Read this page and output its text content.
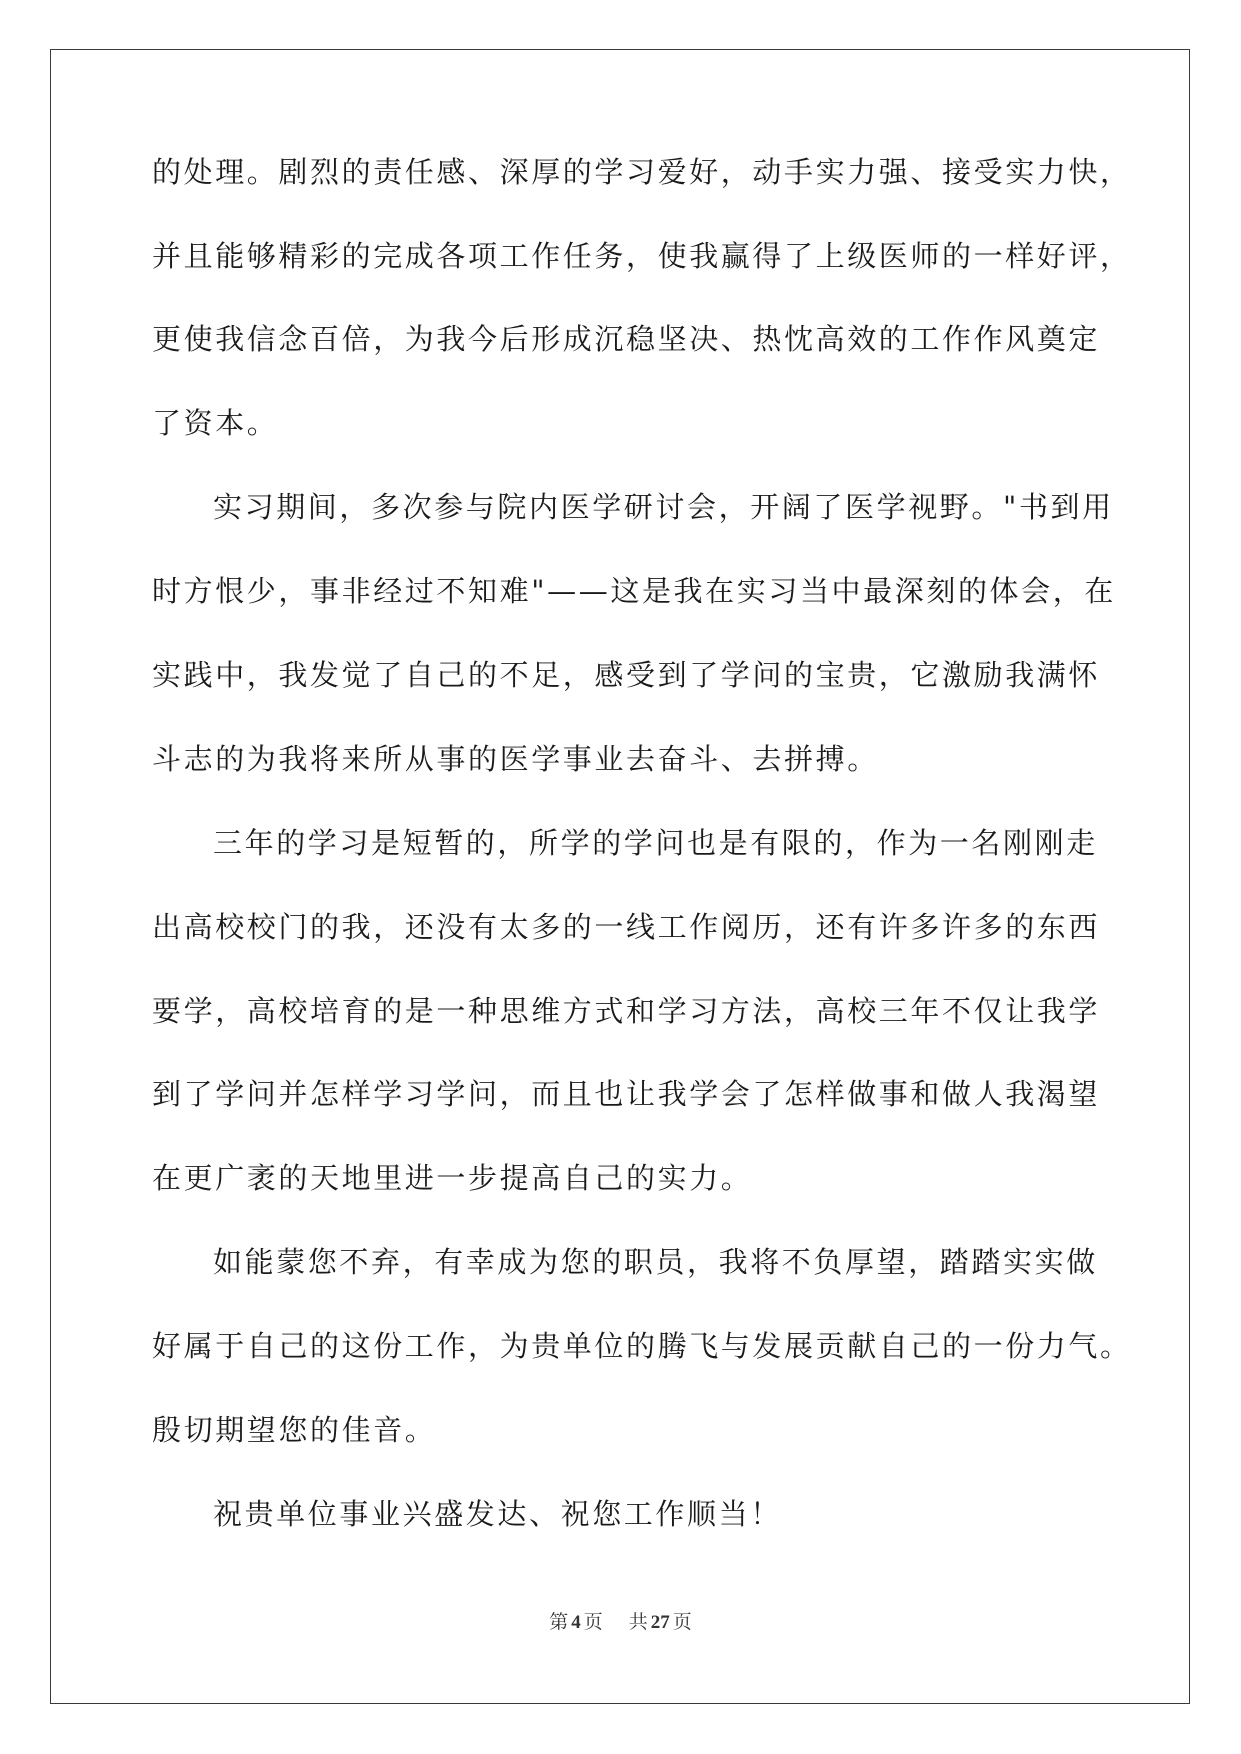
的处理。剧烈的责任感、深厚的学习爱好，动手实力强、接受实力快，
并且能够精彩的完成各项工作任务，使我赢得了上级医师的一样好评，
更使我信念百倍，为我今后形成沉稳坚决、热忱高效的工作作风奠定
了资本。
实习期间，多次参与院内医学研讨会，开阔了医学视野。"书到用
时方恨少，事非经过不知难"——这是我在实习当中最深刻的体会，在
实践中，我发觉了自己的不足，感受到了学问的宝贵，它激励我满怀
斗志的为我将来所从事的医学事业去奋斗、去拼搏。
三年的学习是短暂的，所学的学问也是有限的，作为一名刚刚走
出高校校门的我，还没有太多的一线工作阅历，还有许多许多的东西
要学，高校培育的是一种思维方式和学习方法，高校三年不仅让我学
到了学问并怎样学习学问，而且也让我学会了怎样做事和做人我渴望
在更广袤的天地里进一步提高自己的实力。
如能蒙您不弃，有幸成为您的职员，我将不负厚望，踏踏实实做
好属于自己的这份工作，为贵单位的腾飞与发展贡献自己的一份力气。
殷切期望您的佳音。
祝贵单位事业兴盛发达、祝您工作顺当！
第 4 页 共 27 页
